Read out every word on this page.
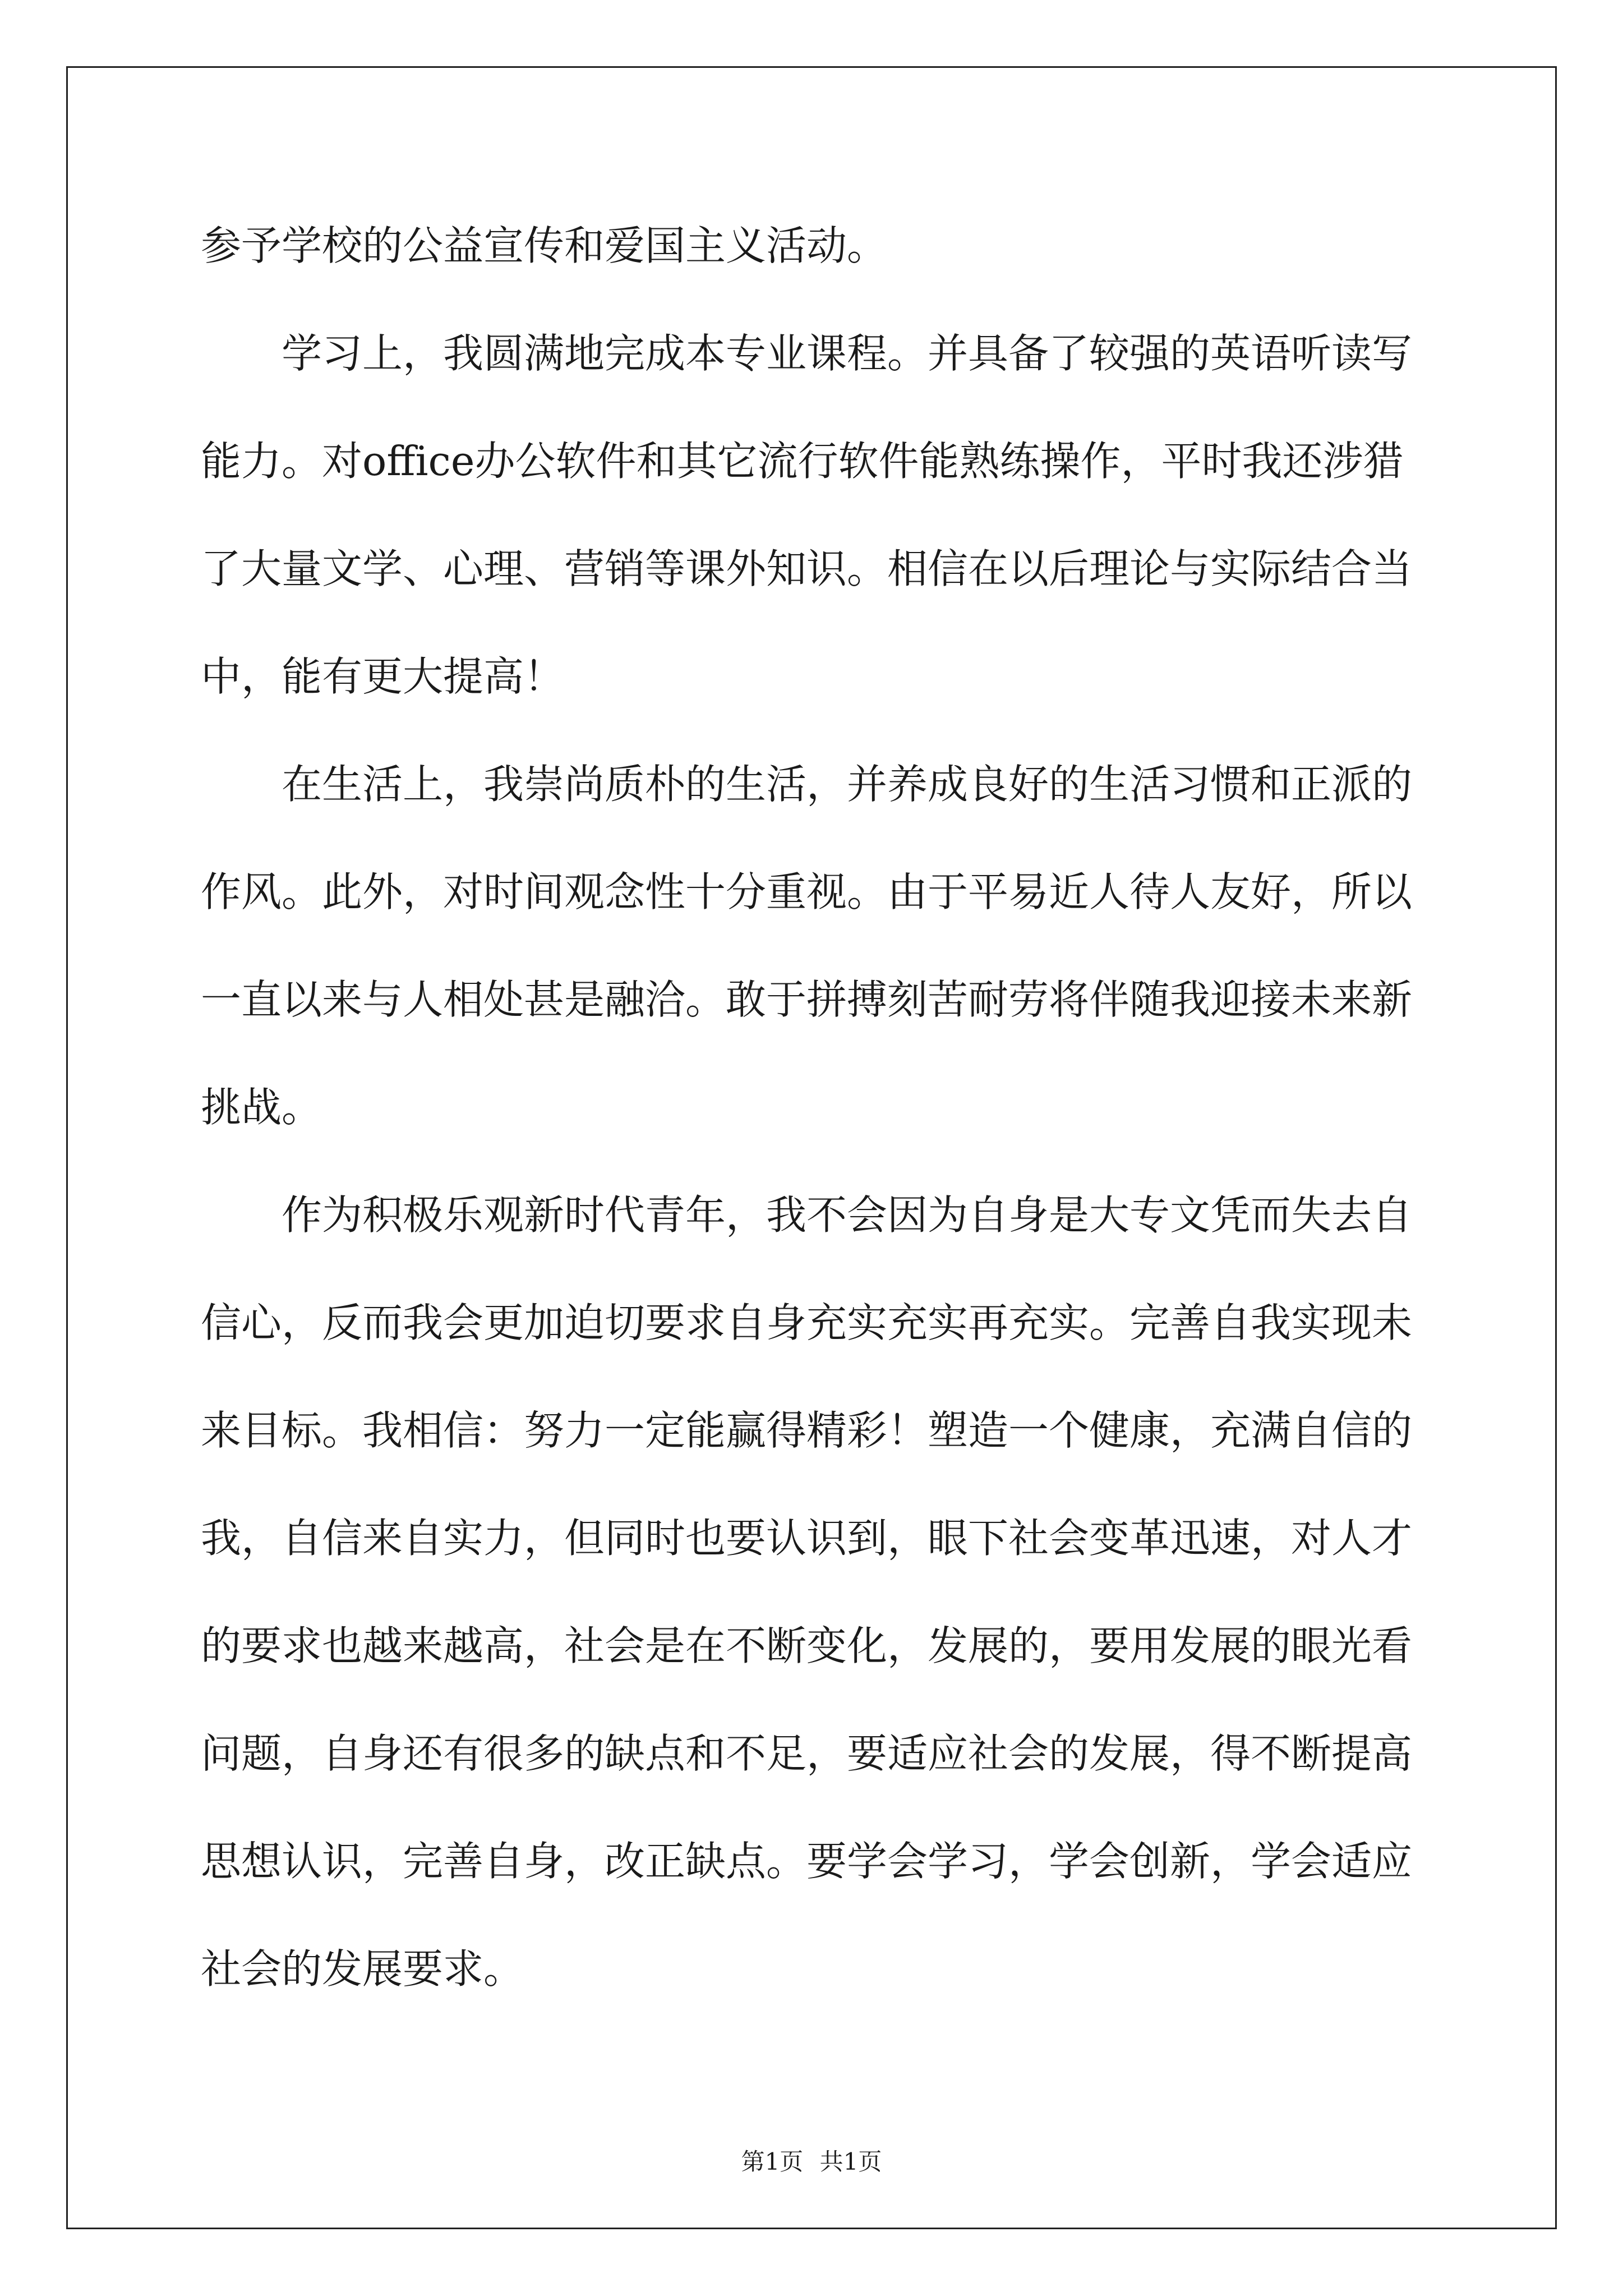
参予学校的公益宣传和爱国主义活动。
　　学习上，我圆满地完成本专业课程。并具备了较强的英语听读写
能力。对office办公软件和其它流行软件能熟练操作，平时我还涉猎
了大量文学、心理、营销等课外知识。相信在以后理论与实际结合当
中，能有更大提高！
　　在生活上，我崇尚质朴的生活，并养成良好的生活习惯和正派的
作风。此外，对时间观念性十分重视。由于平易近人待人友好，所以
一直以来与人相处甚是融洽。敢于拼搏刻苦耐劳将伴随我迎接未来新
挑战。
　　作为积极乐观新时代青年，我不会因为自身是大专文凭而失去自
信心，反而我会更加迫切要求自身充实充实再充实。完善自我实现未
来目标。我相信：努力一定能赢得精彩！塑造一个健康，充满自信的
我，自信来自实力，但同时也要认识到，眼下社会变革迅速，对人才
的要求也越来越高，社会是在不断变化，发展的，要用发展的眼光看
问题，自身还有很多的缺点和不足，要适应社会的发展，得不断提高
思想认识，完善自身，改正缺点。要学会学习，学会创新，学会适应
社会的发展要求。
第1页 共1页
